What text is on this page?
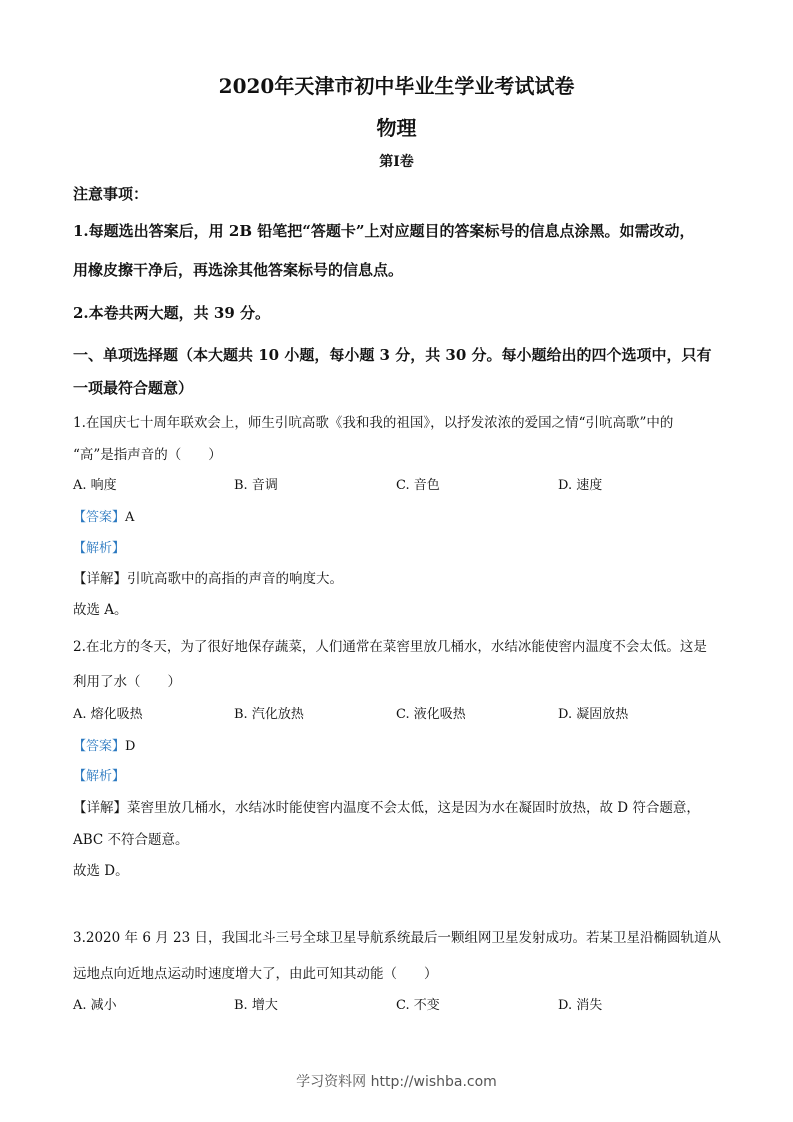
2020年天津市初中毕业生学业考试试卷
物理
第Ⅰ卷
注意事项：
1.每题选出答案后，用 2B 铅笔把“答题卡”上对应题目的答案标号的信息点涂黑。如需改动，
用橡皮擦干净后，再选涂其他答案标号的信息点。
2.本卷共两大题，共 39 分。
一、单项选择题（本大题共 10 小题，每小题 3 分，共 30 分。每小题给出的四个选项中，只有
一项最符合题意）
1.在国庆七十周年联欢会上，师生引吭高歌《我和我的祖国》，以抒发浓浓的爱国之情“引吭高歌”中的
“高”是指声音的（　　）
A. 响度	B. 音调	C. 音色	D. 速度
【答案】A
【解析】
【详解】引吭高歌中的高指的声音的响度大。
故选 A。
2.在北方的冬天，为了很好地保存蔬菜，人们通常在菜窖里放几桶水，水结冰能使窖内温度不会太低。这是
利用了水（　　）
A. 熔化吸热	B. 汽化放热	C. 液化吸热	D. 凝固放热
【答案】D
【解析】
【详解】菜窖里放几桶水，水结冰时能使窖内温度不会太低，这是因为水在凝固时放热，故 D 符合题意，
ABC 不符合题意。
故选 D。
3.2020 年 6 月 23 日，我国北斗三号全球卫星导航系统最后一颗组网卫星发射成功。若某卫星沿椭圆轨道从
远地点向近地点运动时速度增大了，由此可知其动能（　　）
A. 减小	B. 增大	C. 不变	D. 消失
学习资料网 http://wishba.com
